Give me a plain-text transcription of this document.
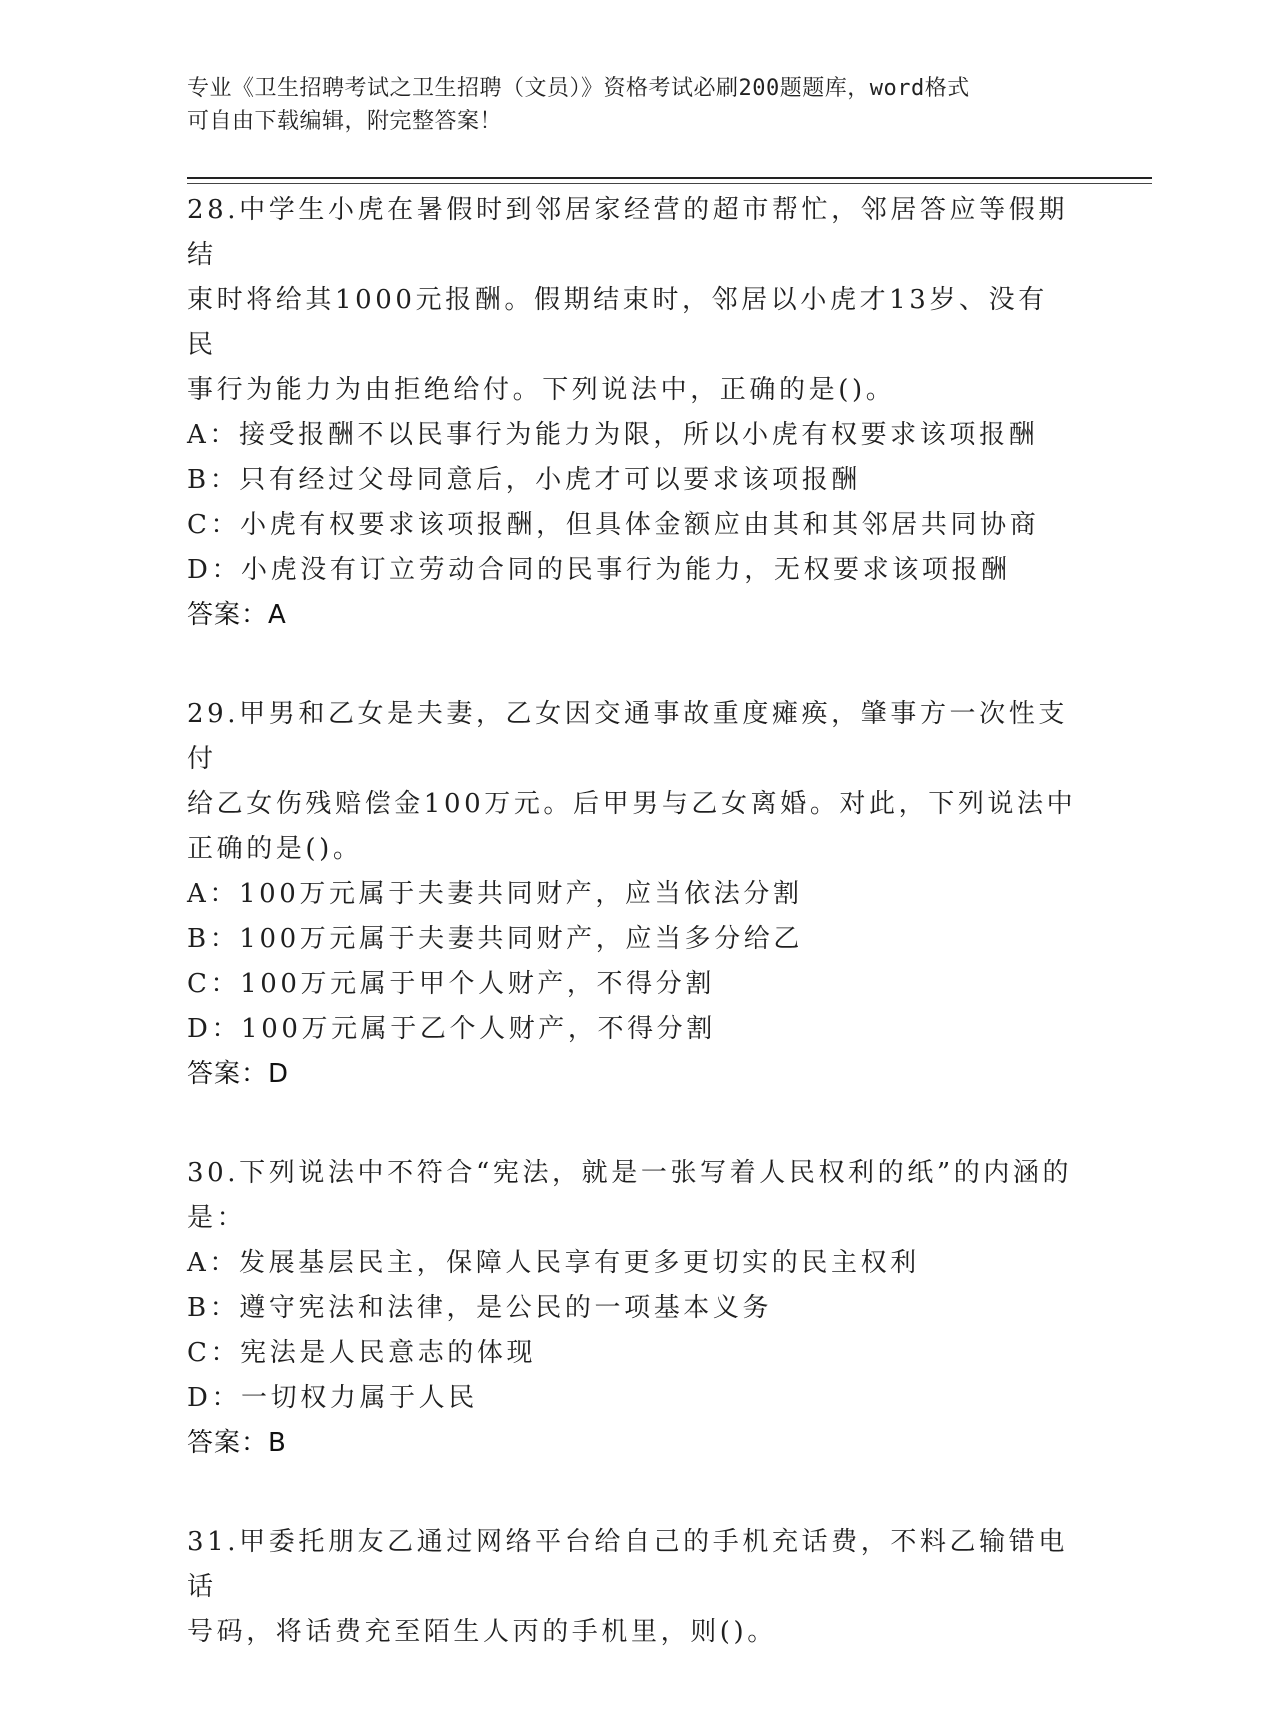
专业《卫生招聘考试之卫生招聘（文员）》资格考试必刷200题题库，word格式
可自由下载编辑，附完整答案！
28.中学生小虎在暑假时到邻居家经营的超市帮忙，邻居答应等假期结
束时将给其1000元报酬。假期结束时，邻居以小虎才13岁、没有民
事行为能力为由拒绝给付。下列说法中，正确的是()。
A：接受报酬不以民事行为能力为限，所以小虎有权要求该项报酬
B：只有经过父母同意后，小虎才可以要求该项报酬
C：小虎有权要求该项报酬，但具体金额应由其和其邻居共同协商
D：小虎没有订立劳动合同的民事行为能力，无权要求该项报酬
答案：A
29.甲男和乙女是夫妻，乙女因交通事故重度瘫痪，肇事方一次性支付
给乙女伤残赔偿金100万元。后甲男与乙女离婚。对此，下列说法中
正确的是()。
A：100万元属于夫妻共同财产，应当依法分割
B：100万元属于夫妻共同财产，应当多分给乙
C：100万元属于甲个人财产，不得分割
D：100万元属于乙个人财产，不得分割
答案：D
30.下列说法中不符合“宪法，就是一张写着人民权利的纸”的内涵的
是：
A：发展基层民主，保障人民享有更多更切实的民主权利
B：遵守宪法和法律，是公民的一项基本义务
C：宪法是人民意志的体现
D：一切权力属于人民
答案：B
31.甲委托朋友乙通过网络平台给自己的手机充话费，不料乙输错电话
号码，将话费充至陌生人丙的手机里，则()。
